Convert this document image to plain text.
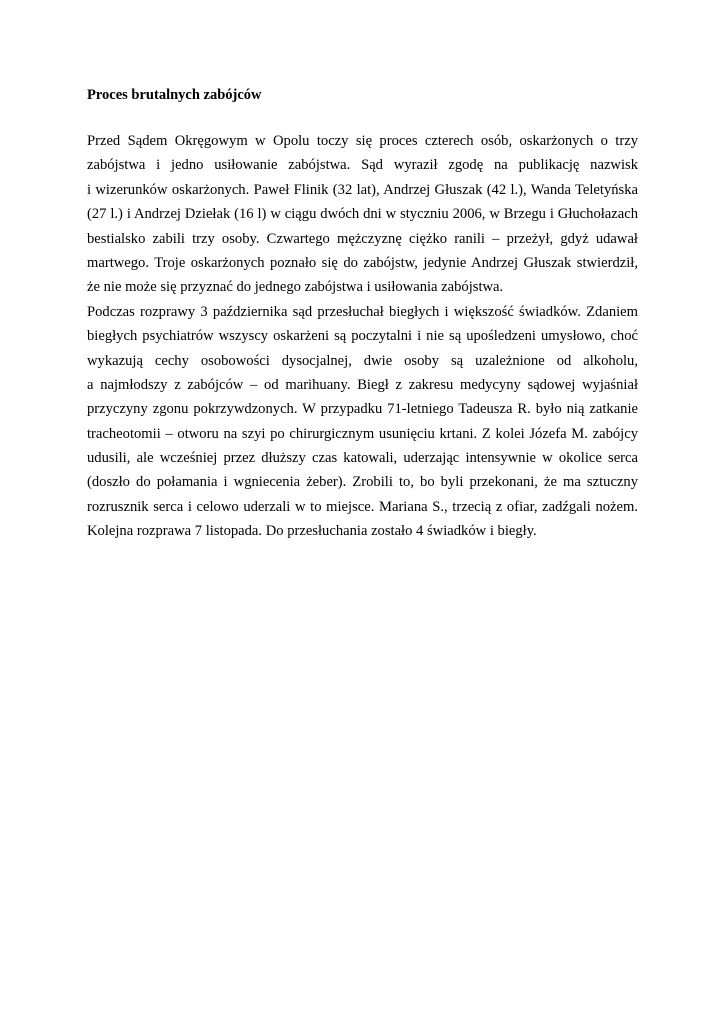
Proces brutalnych zabójców
Przed Sądem Okręgowym w Opolu toczy się proces czterech osób, oskarżonych o trzy
zabójstwa i jedno usiłowanie zabójstwa. Sąd wyraził zgodę na publikację nazwisk
i wizerunków oskarżonych. Paweł Flinik (32 lat), Andrzej Głuszak (42 l.), Wanda Teletyńska
(27 l.) i Andrzej Dziełak (16 l) w ciągu dwóch dni w styczniu 2006, w Brzegu i Głuchołazach
bestialsko zabili trzy osoby. Czwartego mężczyznę ciężko ranili – przeżył, gdyż udawał
martwego. Troje oskarżonych poznało się do zabójstw, jedynie Andrzej Głuszak stwierdził,
że nie może się przyznać do jednego zabójstwa i usiłowania zabójstwa.
Podczas rozprawy 3 października sąd przesłuchał biegłych i większość świadków. Zdaniem
biegłych psychiatrów wszyscy oskarżeni są poczytalni i nie są upośledzeni umysłowo, choć
wykazują cechy osobowości dysocjalnej, dwie osoby są uzależnione od alkoholu,
a najmłodszy z zabójców – od marihuany. Biegł z zakresu medycyny sądowej wyjaśniał
przyczyny zgonu pokrzywdzonych. W przypadku 71-letniego Tadeusza R. było nią zatkanie
tracheotomii – otworu na szyi po chirurgicznym usunięciu krtani. Z kolei Józefa M. zabójcy
udusili, ale wcześniej przez dłuższy czas katowali, uderzając intensywnie w okolice serca
(doszło do połamania i wgniecenia żeber). Zrobili to, bo byli przekonani, że ma sztuczny
rozrusznik serca i celowo uderzali w to miejsce. Mariana S., trzecią z ofiar, zadźgali nożem.
Kolejna rozprawa 7 listopada. Do przesłuchania zostało 4 świadków i biegły.
